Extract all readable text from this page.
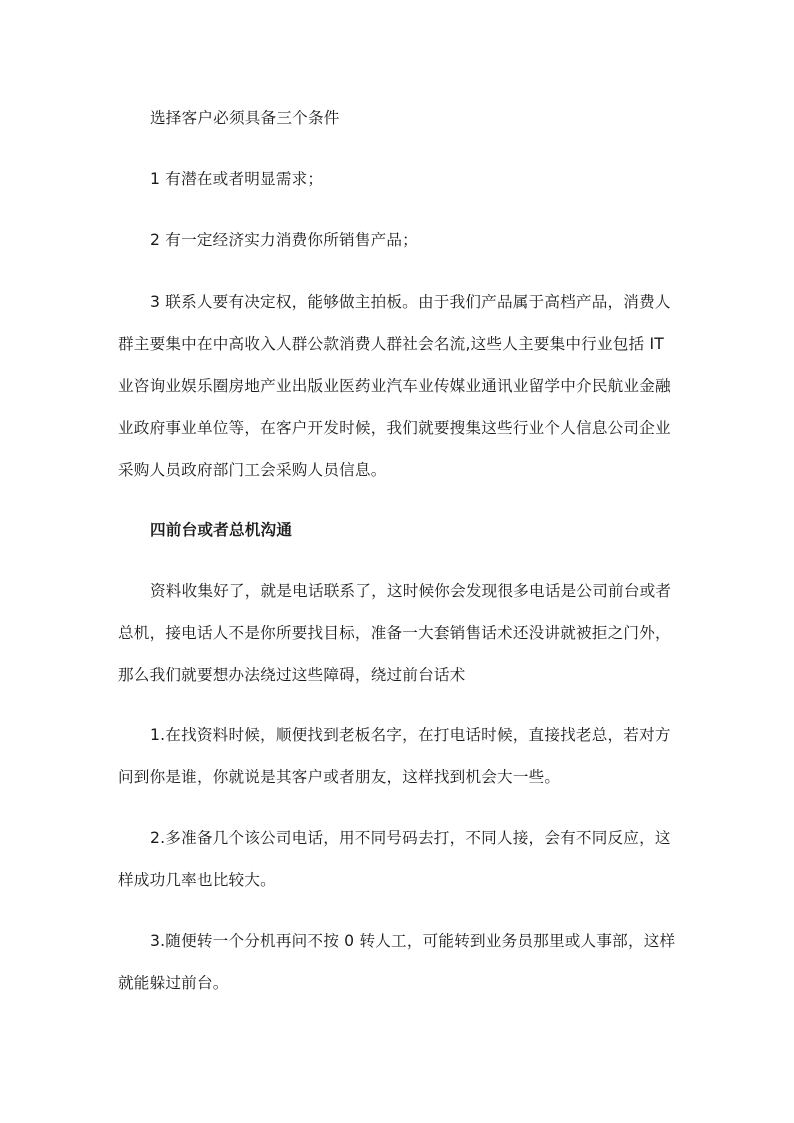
选择客户必须具备三个条件

1 有潜在或者明显需求；

2 有一定经济实力消费你所销售产品；

3 联系人要有决定权，能够做主拍板。由于我们产品属于高档产品，消费人群主要集中在中高收入人群公款消费人群社会名流,这些人主要集中行业包括 IT 业咨询业娱乐圈房地产业出版业医药业汽车业传媒业通讯业留学中介民航业金融业政府事业单位等，在客户开发时候，我们就要搜集这些行业个人信息公司企业采购人员政府部门工会采购人员信息。

四前台或者总机沟通

资料收集好了，就是电话联系了，这时候你会发现很多电话是公司前台或者总机，接电话人不是你所要找目标，准备一大套销售话术还没讲就被拒之门外，那么我们就要想办法绕过这些障碍，绕过前台话术

1.在找资料时候，顺便找到老板名字，在打电话时候，直接找老总，若对方问到你是谁，你就说是其客户或者朋友，这样找到机会大一些。

2.多准备几个该公司电话，用不同号码去打，不同人接，会有不同反应，这样成功几率也比较大。

3.随便转一个分机再问不按 0 转人工，可能转到业务员那里或人事部，这样就能躲过前台。
